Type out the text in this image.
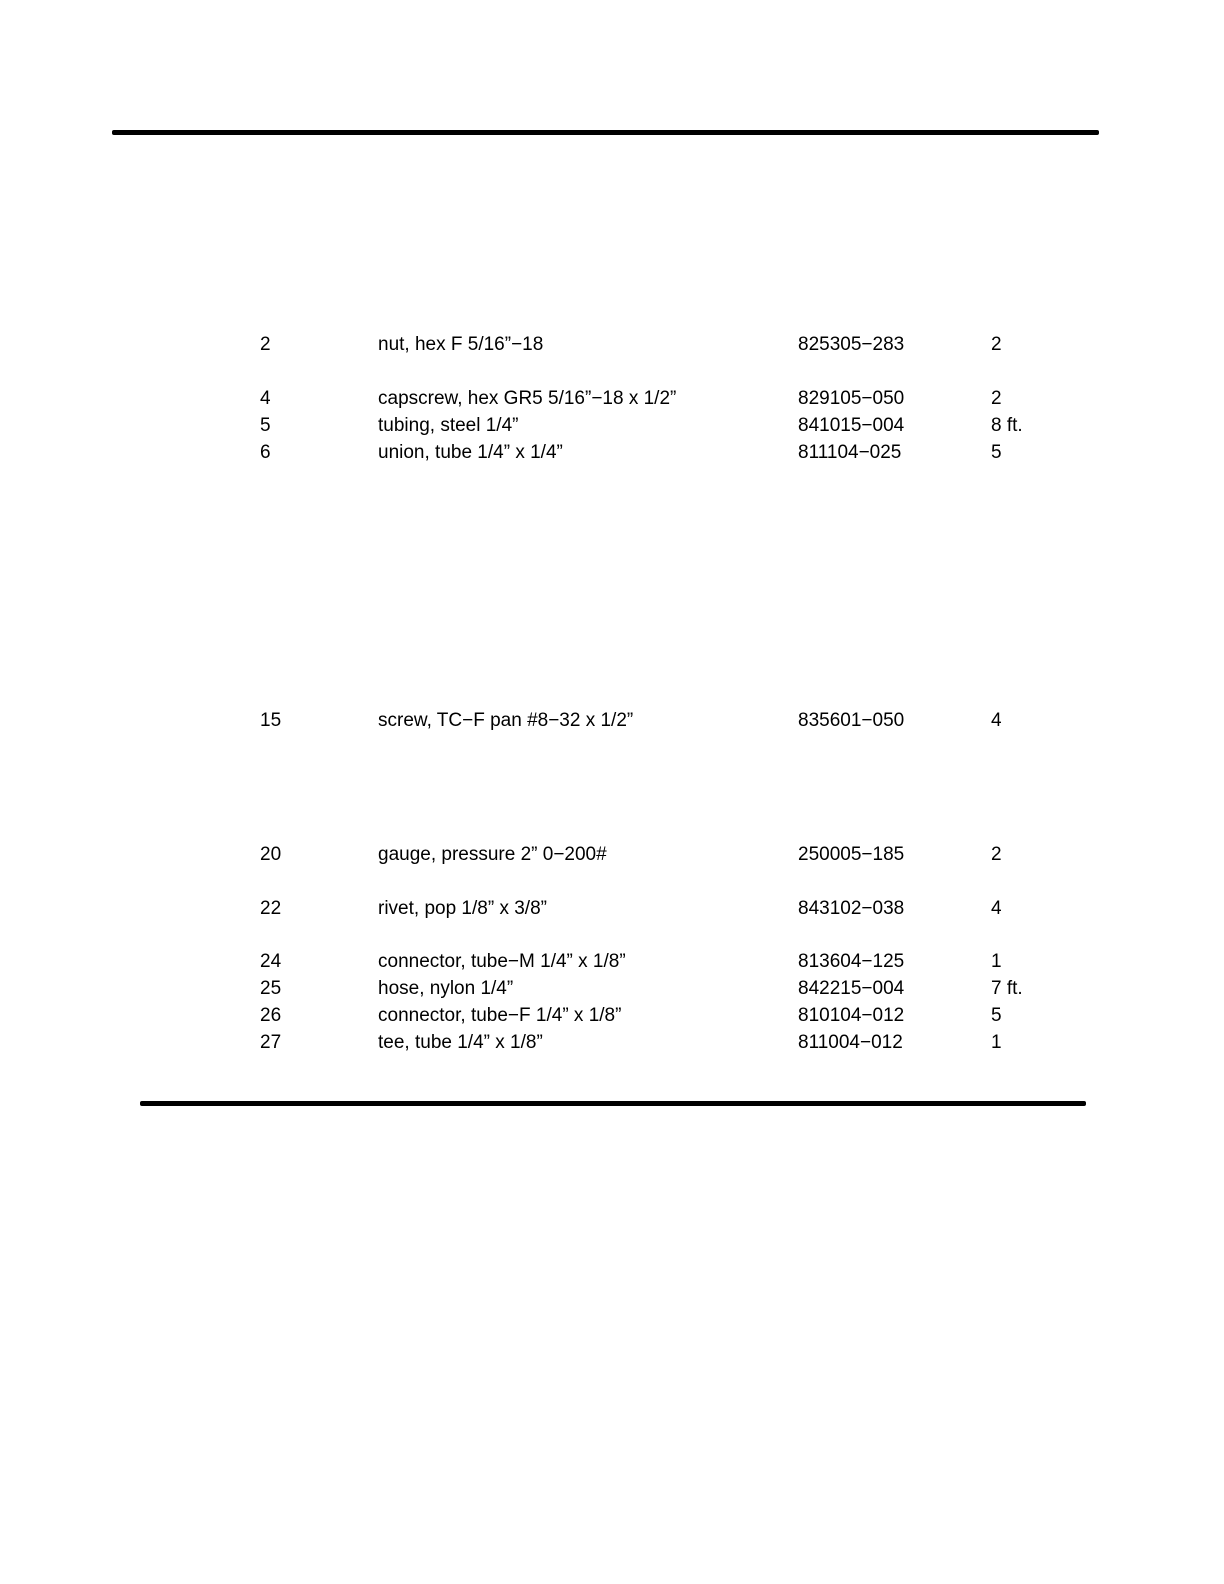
2	nut, hex F 5/16”−18	825305−283	2
4	capscrew, hex GR5 5/16”−18 x 1/2”	829105−050	2
5	tubing, steel 1/4”	841015−004	8 ft.
6	union, tube 1/4” x 1/4”	811104−025	5
15	screw, TC−F pan #8−32 x 1/2”	835601−050	4
20	gauge, pressure 2” 0−200#	250005−185	2
22	rivet, pop 1/8” x 3/8”	843102−038	4
24	connector, tube−M 1/4” x 1/8”	813604−125	1
25	hose, nylon 1/4”	842215−004	7 ft.
26	connector, tube−F 1/4” x 1/8”	810104−012	5
27	tee, tube 1/4” x 1/8”	811004−012	1
